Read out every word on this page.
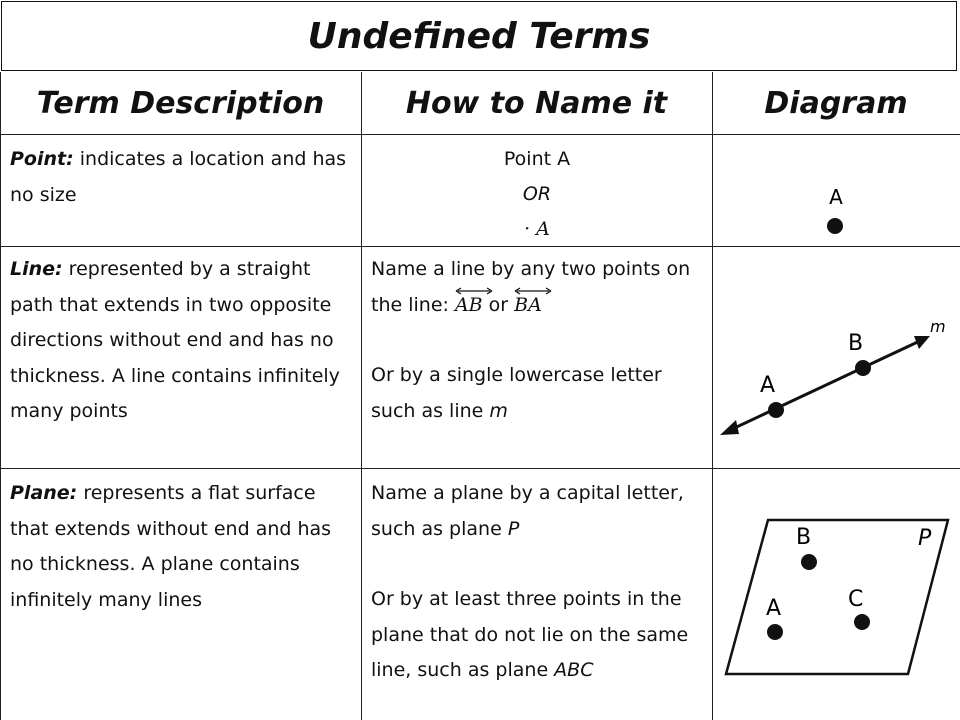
Undefined Terms
Term Description	How to Name it	Diagram
Point: indicates a location and has no size
Point A
OR
· A
A
Line: represented by a straight path that extends in two opposite directions without end and has no thickness. A line contains infinitely many points
Name a line by any two points on the line:
AB or
BA
Or by a single lowercase letter such as line m
A
B
m
Plane: represents a flat surface that extends without end and has no thickness. A plane contains infinitely many lines
Name a plane by a capital letter, such as plane P
Or by at least three points in the plane that do not lie on the same line, such as plane ABC
B
C
A
P
